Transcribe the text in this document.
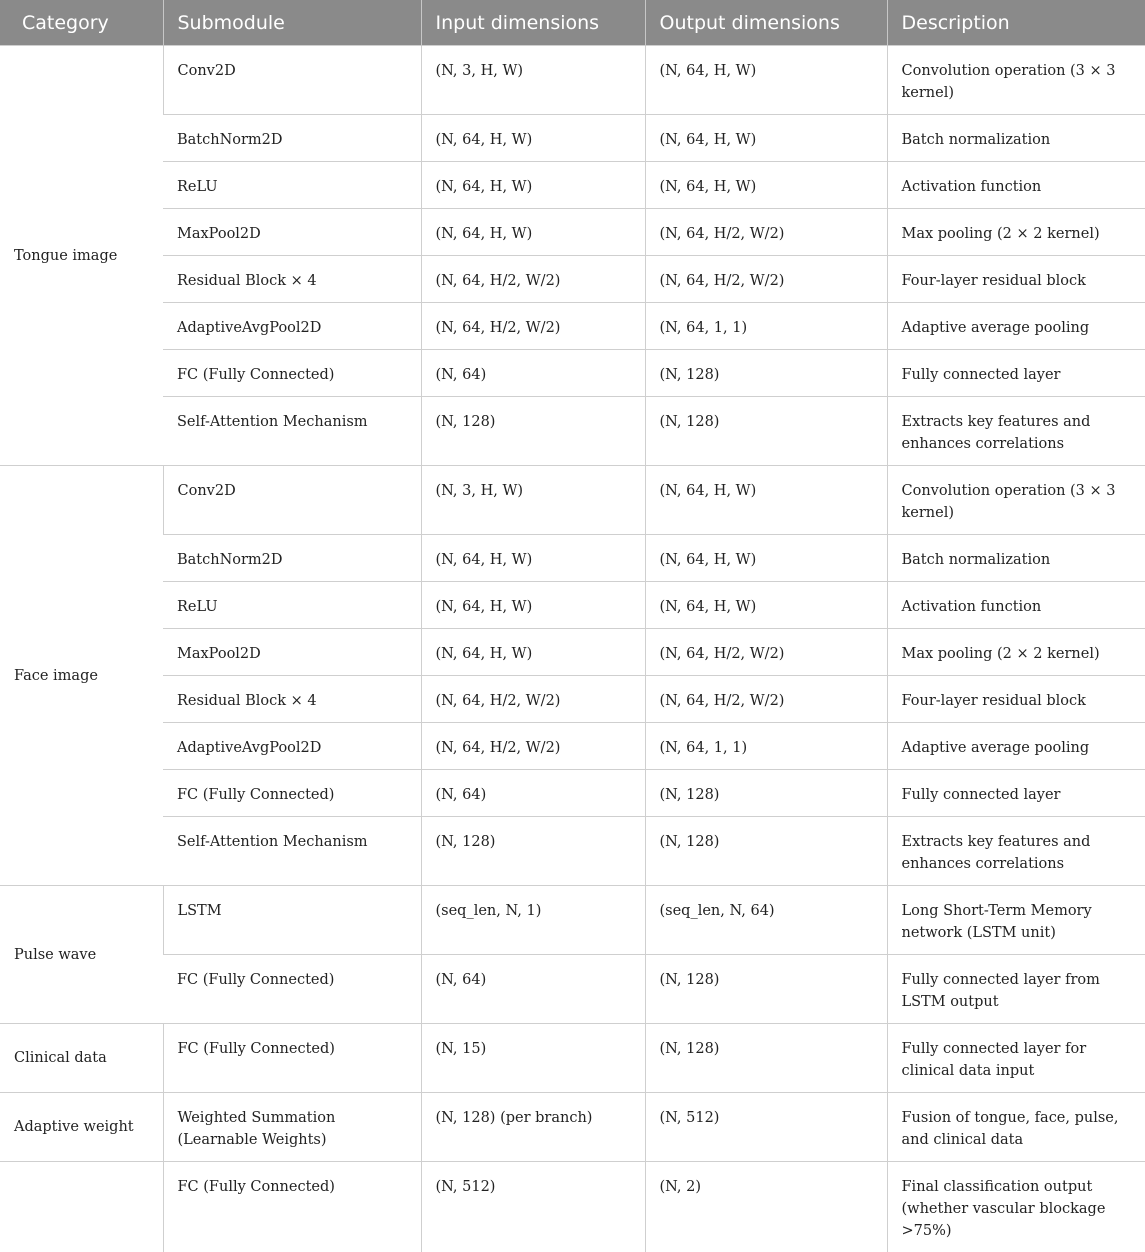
Category	Submodule	Input dimensions	Output dimensions	Description
Tongue image	Conv2D	(N, 3, H, W)	(N, 64, H, W)	Convolution operation (3 × 3 kernel)
	BatchNorm2D	(N, 64, H, W)	(N, 64, H, W)	Batch normalization
	ReLU	(N, 64, H, W)	(N, 64, H, W)	Activation function
	MaxPool2D	(N, 64, H, W)	(N, 64, H/2, W/2)	Max pooling (2 × 2 kernel)
	Residual Block × 4	(N, 64, H/2, W/2)	(N, 64, H/2, W/2)	Four-layer residual block
	AdaptiveAvgPool2D	(N, 64, H/2, W/2)	(N, 64, 1, 1)	Adaptive average pooling
	FC (Fully Connected)	(N, 64)	(N, 128)	Fully connected layer
	Self-Attention Mechanism	(N, 128)	(N, 128)	Extracts key features and enhances correlations
Face image	Conv2D	(N, 3, H, W)	(N, 64, H, W)	Convolution operation (3 × 3 kernel)
	BatchNorm2D	(N, 64, H, W)	(N, 64, H, W)	Batch normalization
	ReLU	(N, 64, H, W)	(N, 64, H, W)	Activation function
	MaxPool2D	(N, 64, H, W)	(N, 64, H/2, W/2)	Max pooling (2 × 2 kernel)
	Residual Block × 4	(N, 64, H/2, W/2)	(N, 64, H/2, W/2)	Four-layer residual block
	AdaptiveAvgPool2D	(N, 64, H/2, W/2)	(N, 64, 1, 1)	Adaptive average pooling
	FC (Fully Connected)	(N, 64)	(N, 128)	Fully connected layer
	Self-Attention Mechanism	(N, 128)	(N, 128)	Extracts key features and enhances correlations
Pulse wave	LSTM	(seq_len, N, 1)	(seq_len, N, 64)	Long Short-Term Memory network (LSTM unit)
	FC (Fully Connected)	(N, 64)	(N, 128)	Fully connected layer from LSTM output
Clinical data	FC (Fully Connected)	(N, 15)	(N, 128)	Fully connected layer for clinical data input
Adaptive weight	Weighted Summation (Learnable Weights)	(N, 128) (per branch)	(N, 512)	Fusion of tongue, face, pulse, and clinical data
	FC (Fully Connected)	(N, 512)	(N, 2)	Final classification output (whether vascular blockage >75%)
